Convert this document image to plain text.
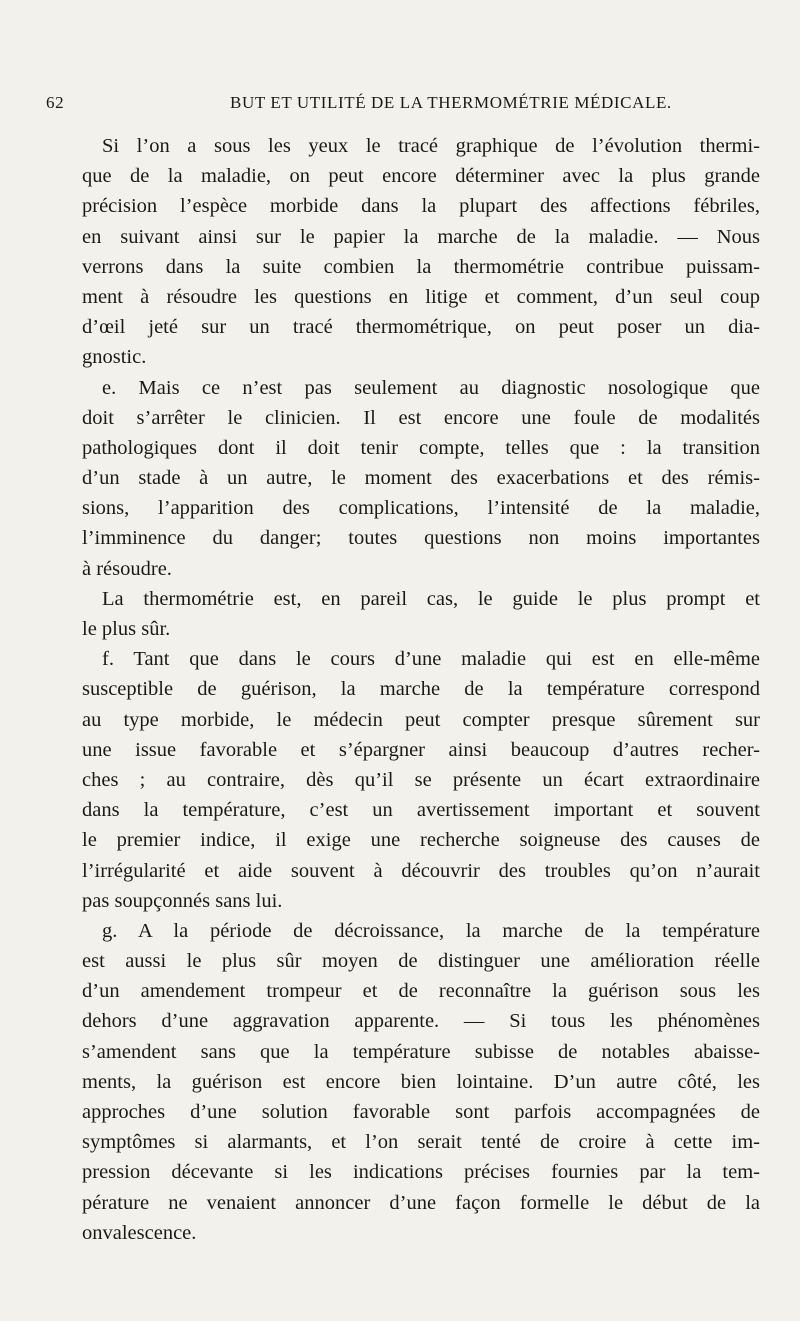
62	BUT ET UTILITÉ DE LA THERMOMÉTRIE MÉDICALE.
Si l’on a sous les yeux le tracé graphique de l’évolution thermi-
que de la maladie, on peut encore déterminer avec la plus grande
précision l’espèce morbide dans la plupart des affections fébriles,
en suivant ainsi sur le papier la marche de la maladie. — Nous
verrons dans la suite combien la thermométrie contribue puissam-
ment à résoudre les questions en litige et comment, d’un seul coup
d’œil jeté sur un tracé thermométrique, on peut poser un dia-
gnostic.
e. Mais ce n’est pas seulement au diagnostic nosologique que
doit s’arrêter le clinicien. Il est encore une foule de modalités
pathologiques dont il doit tenir compte, telles que : la transition
d’un stade à un autre, le moment des exacerbations et des rémis-
sions, l’apparition des complications, l’intensité de la maladie,
l’imminence du danger; toutes questions non moins importantes
à résoudre.
La thermométrie est, en pareil cas, le guide le plus prompt et
le plus sûr.
f. Tant que dans le cours d’une maladie qui est en elle-même
susceptible de guérison, la marche de la température correspond
au type morbide, le médecin peut compter presque sûrement sur
une issue favorable et s’épargner ainsi beaucoup d’autres recher-
ches ; au contraire, dès qu’il se présente un écart extraordinaire
dans la température, c’est un avertissement important et souvent
le premier indice, il exige une recherche soigneuse des causes de
l’irrégularité et aide souvent à découvrir des troubles qu’on n’aurait
pas soupçonnés sans lui.
g. A la période de décroissance, la marche de la température
est aussi le plus sûr moyen de distinguer une amélioration réelle
d’un amendement trompeur et de reconnaître la guérison sous les
dehors d’une aggravation apparente. — Si tous les phénomènes
s’amendent sans que la température subisse de notables abaisse-
ments, la guérison est encore bien lointaine. D’un autre côté, les
approches d’une solution favorable sont parfois accompagnées de
symptômes si alarmants, et l’on serait tenté de croire à cette im-
pression décevante si les indications précises fournies par la tem-
pérature ne venaient annoncer d’une façon formelle le début de la
onvalescence.
